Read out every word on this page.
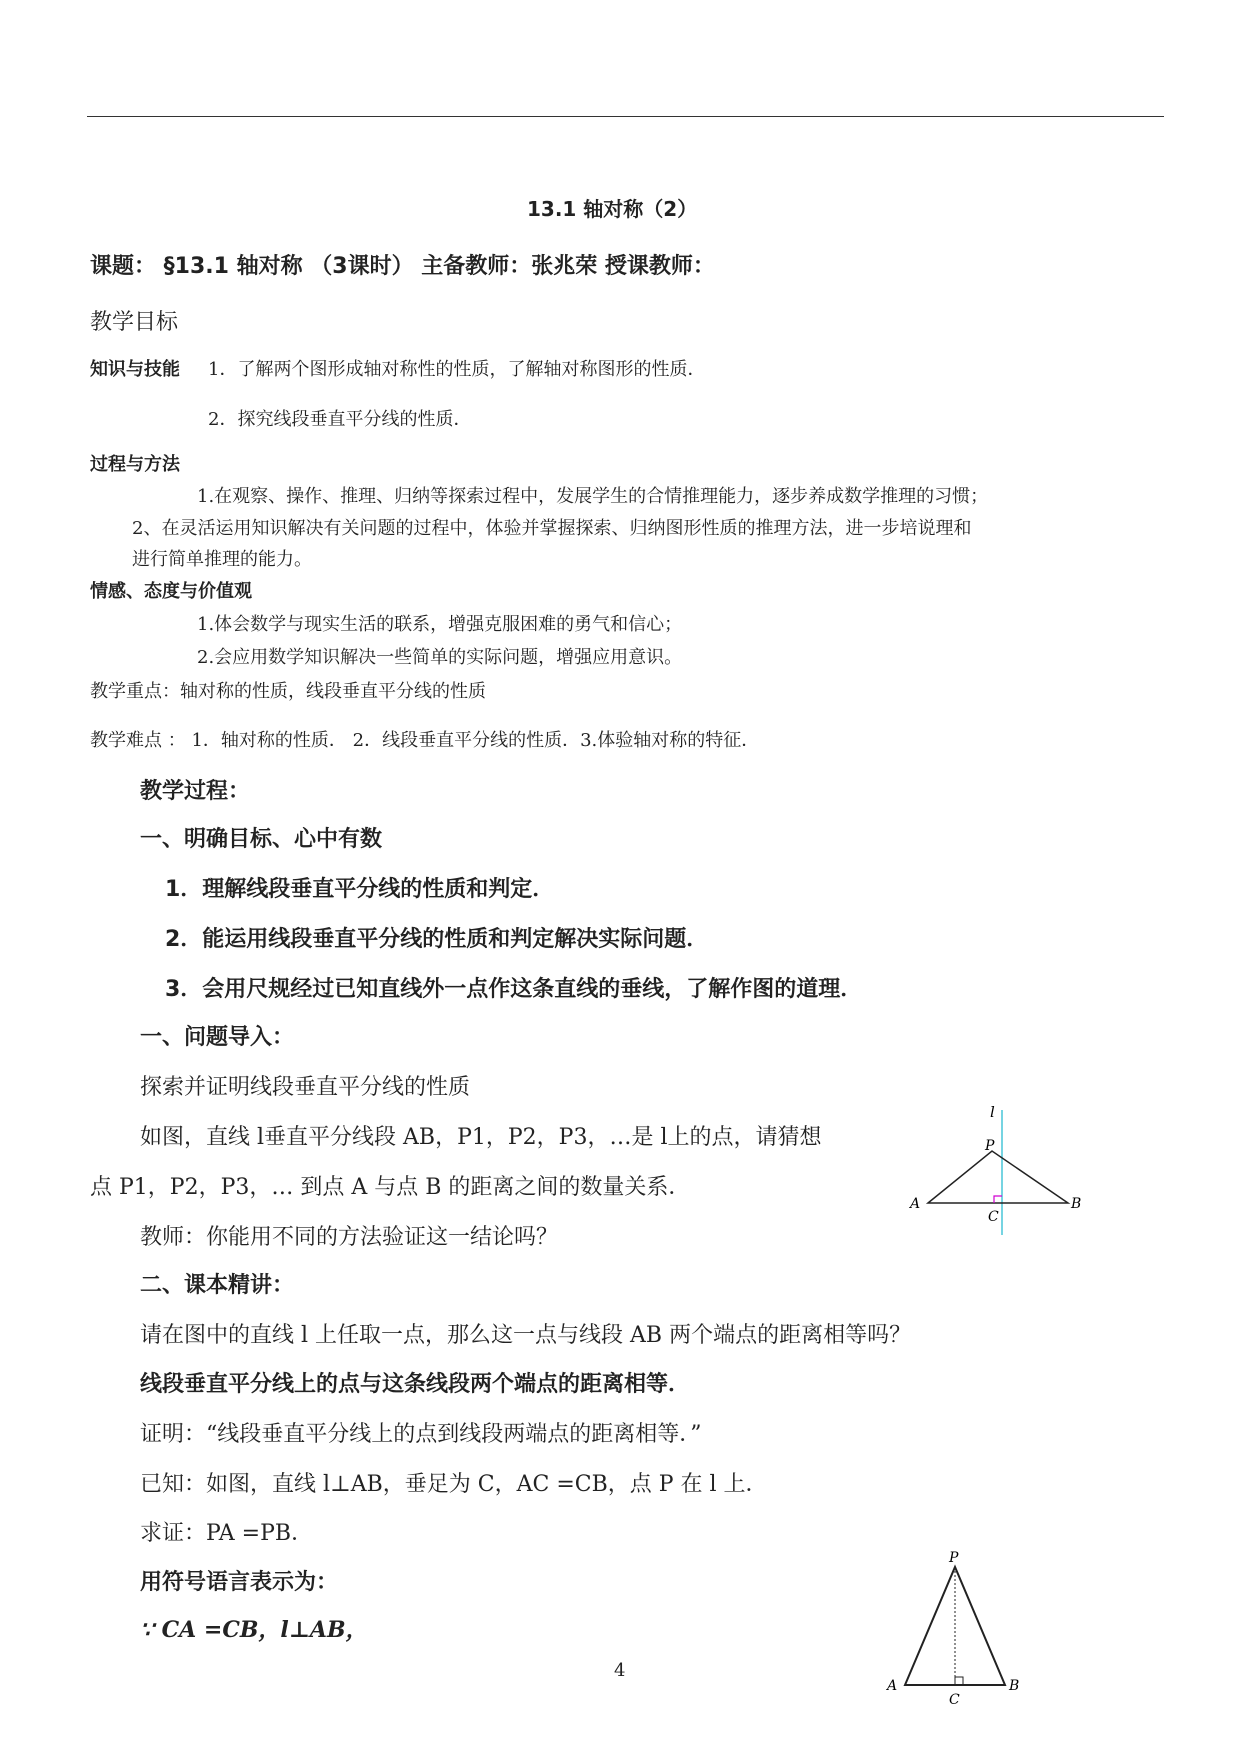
13.1 轴对称（2）
课题： §13.1 轴对称 （3课时） 主备教师：张兆荣 授课教师：
教学目标
知识与技能 1．了解两个图形成轴对称性的性质，了解轴对称图形的性质．
2．探究线段垂直平分线的性质．
过程与方法
1.在观察、操作、推理、归纳等探索过程中，发展学生的合情推理能力，逐步养成数学推理的习惯；
2、在灵活运用知识解决有关问题的过程中，体验并掌握探索、归纳图形性质的推理方法，进一步培说理和
进行简单推理的能力。
情感、态度与价值观
1.体会数学与现实生活的联系，增强克服困难的勇气和信心；
2.会应用数学知识解决一些简单的实际问题，增强应用意识。
教学重点：轴对称的性质，线段垂直平分线的性质
教学难点 ： 1．轴对称的性质． 2．线段垂直平分线的性质．3.体验轴对称的特征．
教学过程：
一、明确目标、心中有数
1．理解线段垂直平分线的性质和判定．
2．能运用线段垂直平分线的性质和判定解决实际问题．
3．会用尺规经过已知直线外一点作这条直线的垂线，了解作图的道理．
一、问题导入：
探索并证明线段垂直平分线的性质
如图，直线 l垂直平分线段 AB，P1，P2，P3，…是 l上的点，请猜想
点 P1，P2，P3，… 到点 A 与点 B 的距离之间的数量关系．
教师：你能用不同的方法验证这一结论吗？
l
P
A	B
C
二、课本精讲：
请在图中的直线 l 上任取一点，那么这一点与线段 AB 两个端点的距离相等吗？
线段垂直平分线上的点与这条线段两个端点的距离相等．
证明：“线段垂直平分线上的点到线段两端点的距离相等．”
已知：如图，直线 l⊥AB，垂足为 C，AC =CB，点 P 在 l 上．
求证：PA =PB．
用符号语言表示为：
∵ CA =CB，l⊥AB，
P
A	B
C
4
